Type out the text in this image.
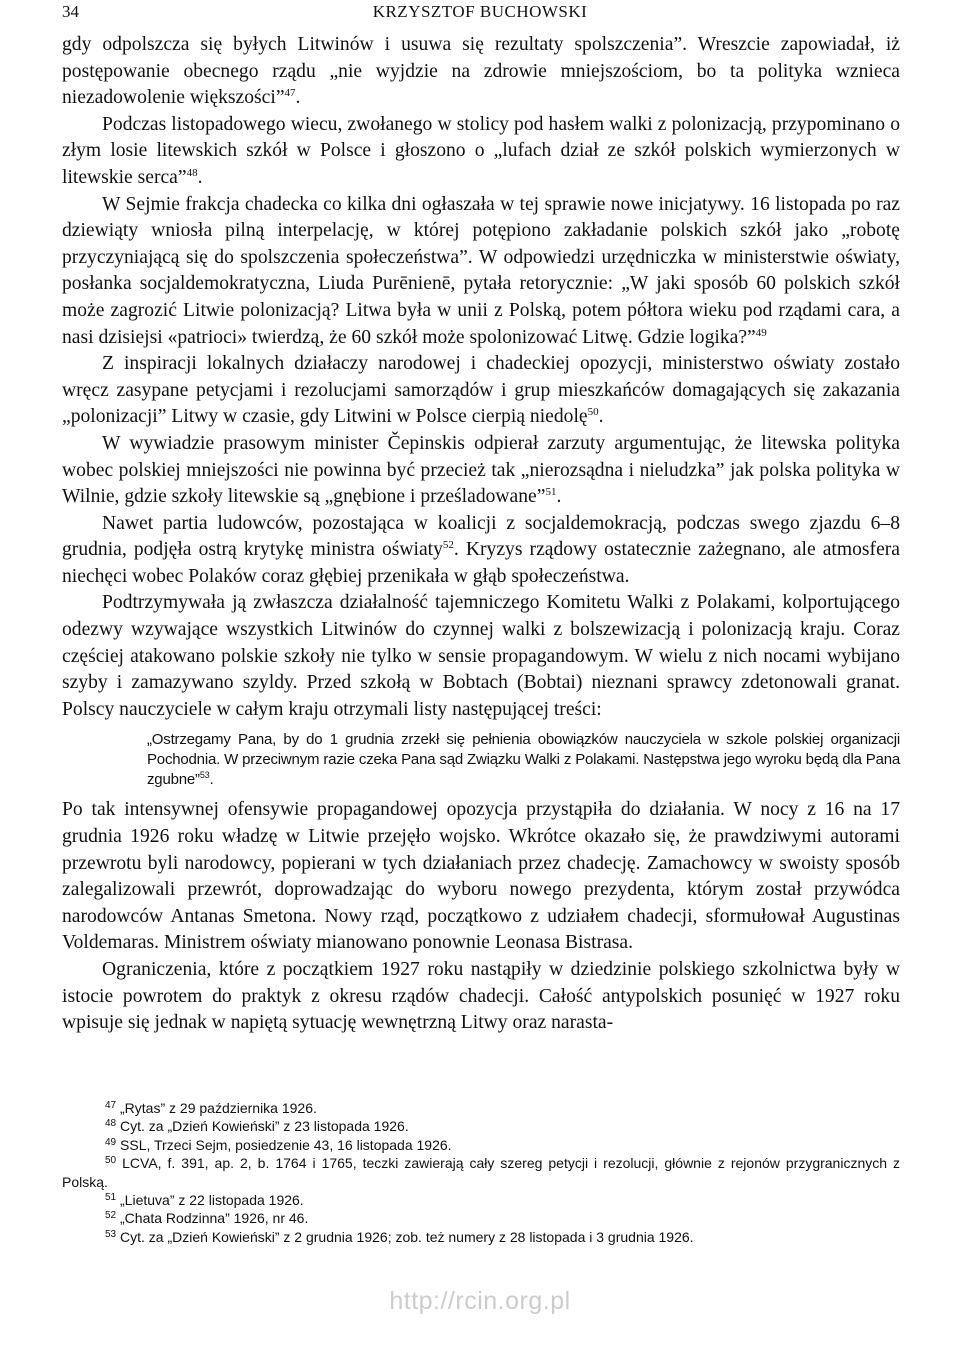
34	KRZYSZTOF BUCHOWSKI

gdy odpolszcza się byłych Litwinów i usuwa się rezultaty spolszczenia”. Wreszcie zapowiadał, iż postępowanie obecnego rządu „nie wyjdzie na zdrowie mniejszościom, bo ta polityka wznieca niezadowolenie większości”$^{47}$.

Podczas listopadowego wiecu, zwołanego w stolicy pod hasłem walki z polonizacją, przypominano o złym losie litewskich szkół w Polsce i głoszono o „lufach dział ze szkół polskich wymierzonych w litewskie serca”$^{48}$.

W Sejmie frakcja chadecka co kilka dni ogłaszała w tej sprawie nowe inicjatywy. 16 listopada po raz dziewiąty wniosła pilną interpelację, w której potępiono zakładanie polskich szkół jako „robotę przyczyniającą się do spolszczenia społeczeństwa”. W odpowiedzi urzędniczka w ministerstwie oświaty, posłanka socjaldemokratyczna, Liuda Purēnienē, pytała retorycznie: „W jaki sposób 60 polskich szkół może zagrozić Litwie polonizacją? Litwa była w unii z Polską, potem półtora wieku pod rządami cara, a nasi dzisiejsi «patrioci» twierdzą, że 60 szkół może spolonizować Litwę. Gdzie logika?”$^{49}$

Z inspiracji lokalnych działaczy narodowej i chadeckiej opozycji, ministerstwo oświaty zostało wręcz zasypane petycjami i rezolucjami samorządów i grup mieszkańców domagających się zakazania „polonizacji” Litwy w czasie, gdy Litwini w Polsce cierpią niedolę$^{50}$.

W wywiadzie prasowym minister Čepinskis odpierał zarzuty argumentując, że litewska polityka wobec polskiej mniejszości nie powinna być przecież tak „nierozsądna i nieludzka” jak polska polityka w Wilnie, gdzie szkoły litewskie są „gnębione i prześladowane”$^{51}$.

Nawet partia ludowców, pozostająca w koalicji z socjaldemokracją, podczas swego zjazdu 6–8 grudnia, podjęła ostrą krytykę ministra oświaty$^{52}$. Kryzys rządowy ostatecznie zażegnano, ale atmosfera niechęci wobec Polaków coraz głębiej przenikała w głąb społeczeństwa.

Podtrzymywała ją zwłaszcza działalność tajemniczego Komitetu Walki z Polakami, kolportującego odezwy wzywające wszystkich Litwinów do czynnej walki z bolszewizacją i polonizacją kraju. Coraz częściej atakowano polskie szkoły nie tylko w sensie propagandowym. W wielu z nich nocami wybijano szyby i zamazywano szyldy. Przed szkołą w Bobtach (Bobtai) nieznani sprawcy zdetonowali granat. Polscy nauczyciele w całym kraju otrzymali listy następującej treści:

„Ostrzegamy Pana, by do 1 grudnia zrzekł się pełnienia obowiązków nauczyciela w szkole polskiej organizacji Pochodnia. W przeciwnym razie czeka Pana sąd Związku Walki z Polakami. Następstwa jego wyroku będą dla Pana zgubne”$^{53}$.

Po tak intensywnej ofensywie propagandowej opozycja przystąpiła do działania. W nocy z 16 na 17 grudnia 1926 roku władzę w Litwie przejęło wojsko. Wkrótce okazało się, że prawdziwymi autorami przewrotu byli narodowcy, popierani w tych działaniach przez chadecję. Zamachowcy w swoisty sposób zalegalizowali przewrót, doprowadzając do wyboru nowego prezydenta, którym został przywódca narodowców Antanas Smetona. Nowy rząd, początkowo z udziałem chadecji, sformułował Augustinas Voldemaras. Ministrem oświaty mianowano ponownie Leonasa Bistrasa.

Ograniczenia, które z początkiem 1927 roku nastąpiły w dziedzinie polskiego szkolnictwa były w istocie powrotem do praktyk z okresu rządów chadecji. Całość antypolskich posunięć w 1927 roku wpisuje się jednak w napiętą sytuację wewnętrzną Litwy oraz narasta-

$^{47}$ „Rytas” z 29 października 1926.

$^{48}$ Cyt. za „Dzień Kowieński” z 23 listopada 1926.

$^{49}$ SSL, Trzeci Sejm, posiedzenie 43, 16 listopada 1926.

$^{50}$ LCVA, f. 391, ap. 2, b. 1764 i 1765, teczki zawierają cały szereg petycji i rezolucji, głównie z rejonów przygranicznych z Polską.

$^{51}$ „Lietuva” z 22 listopada 1926.

$^{52}$ „Chata Rodzinna” 1926, nr 46.

$^{53}$ Cyt. za „Dzień Kowieński” z 2 grudnia 1926; zob. też numery z 28 listopada i 3 grudnia 1926.

http://rcin.org.pl
